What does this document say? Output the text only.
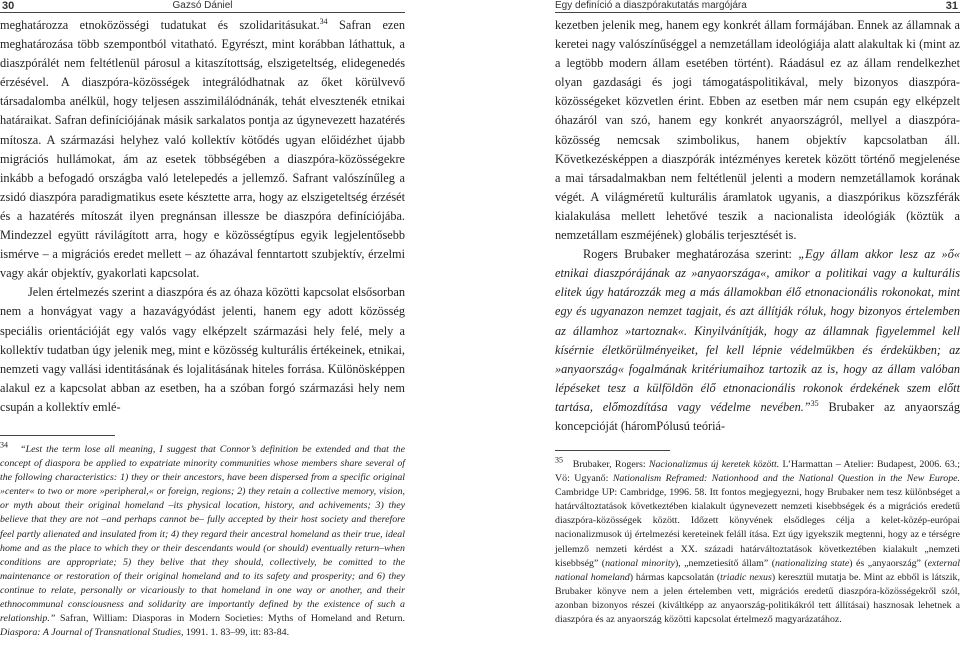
30	Gazsó Dániel	Egy definíció a diaszpórakutatás margójára	31

meghatározza etnoközösségi tudatukat és szolidaritásukat.$^{34}$ Safran ezen meghatározása több szempontból vitatható. Egyrészt, mint korábban láthattuk, a diaszpórálét nem feltétlenül párosul a kitaszítottság, elszigeteltség, elidegenedés érzésével. A diaszpóra-közösségek integrálódhatnak az őket körülvevő társadalomba anélkül, hogy teljesen asszimilálódnánák, tehát elvesztenék etnikai határaikat. Safran definíciójának másik sarkalatos pontja az úgynevezett hazatérés mítosza. A származási helyhez való kollektív kötődés ugyan előidézhet újabb migrációs hullámokat, ám az esetek többségében a diaszpóra-közösségekre inkább a befogadó országba való letelepedés a jellemző. Safrant valószínűleg a zsidó diaszpóra paradigmatikus esete késztette arra, hogy az elszigeteltség érzését és a hazatérés mítoszát ilyen pregnánsan illessze be diaszpóra definíciójába. Mindezzel együtt rávilágított arra, hogy e közösségtípus egyik legjelentősebb ismérve – a migrációs eredet mellett – az óhazával fenntartott szubjektív, érzelmi vagy akár objektív, gyakorlati kapcsolat.

Jelen értelmezés szerint a diaszpóra és az óhaza közötti kapcsolat elsősorban nem a honvágyat vagy a hazavágyódást jelenti, hanem egy adott közösség speciális orientációját egy valós vagy elképzelt származási hely felé, mely a kollektív tudatban úgy jelenik meg, mint e közösség kulturális értékeinek, etnikai, nemzeti vagy vallási identitásának és lojalitásának hiteles forrása. Különösképpen alakul ez a kapcsolat abban az esetben, ha a szóban forgó származási hely nem csupán a kollektív emlé-

$^{34}$ “Lest the term lose all meaning, I suggest that Connor’s definition be extended and that the concept of diaspora be applied to expatriate minority communities whose members share several of the following characteristics: 1) they or their ancestors, have been dispersed from a specific original »center« to two or more »peripheral,« or foreign, regions; 2) they retain a collective memory, vision, or myth about their original homeland –its physical location, history, and achivements; 3) they believe that they are not –and perhaps cannot be– fully accepted by their host society and therefore feel partly alienated and insulated from it; 4) they regard their ancestral homeland as their true, ideal home and as the place to which they or their descendants would (or should) eventually return–when conditions are appropriate; 5) they belive that they should, collectively, be comitted to the maintenance or restoration of their original homeland and to its safety and prosperity; and 6) they continue to relate, personally or vicariously to that homeland in one way or another, and their ethnocommunal consciousness and solidarity are importantly defined by the existence of such a relationship.” Safran, William: Diasporas in Modern Societies: Myths of Homeland and Return. Diaspora: A Journal of Transnational Studies, 1991. 1. 83–99, itt: 83-84.

kezetben jelenik meg, hanem egy konkrét állam formájában. Ennek az államnak a keretei nagy valószínűséggel a nemzetállam ideológiája alatt alakultak ki (mint az a legtöbb modern állam esetében történt). Ráadásul ez az állam rendelkezhet olyan gazdasági és jogi támogatáspolitikával, mely bizonyos diaszpóra-közösségeket közvetlen érint. Ebben az esetben már nem csupán egy elképzelt óhazáról van szó, hanem egy konkrét anyaországról, mellyel a diaszpóra-közösség nemcsak szimbolikus, hanem objektív kapcsolatban áll. Következésképpen a diaszpórák intézményes keretek között történő megjelenése a mai társadalmakban nem feltétlenül jelenti a modern nemzetállamok korának végét. A világméretű kulturális áramlatok ugyanis, a diaszpórikus közszférák kialakulása mellett lehetővé teszik a nacionalista ideológiák (köztük a nemzetállam eszméjének) globális terjesztését is.

Rogers Brubaker meghatározása szerint: „Egy állam akkor lesz az »ő« etnikai diaszpórájának az »anyaországa«, amikor a politikai vagy a kulturális elitek úgy határozzák meg a más államokban élő etnonacionális rokonokat, mint egy és ugyanazon nemzet tagjait, és azt állítják róluk, hogy bizonyos értelemben az államhoz »tartoznak«. Kinyilvánítják, hogy az államnak figyelemmel kell kísérnie életkörülményeiket, fel kell lépnie védelmükben és érdekükben; az »anyaország« fogalmának kritériumaihoz tartozik az is, hogy az állam valóban lépéseket tesz a külföldön élő etnonacionális rokonok érdekének szem előtt tartása, előmozdítása vagy védelme nevében.”$^{35}$ Brubaker az anyaország koncepcióját (háromPólusú teóriá-

$^{35}$ Brubaker, Rogers: Nacionalizmus új keretek között. L’Harmattan – Atelier: Budapest, 2006. 63.; Vö: Ugyanő: Nationalism Reframed: Nationhood and the National Question in the New Europe. Cambridge UP: Cambridge, 1996. 58. Itt fontos megjegyezni, hogy Brubaker nem tesz különbséget a határváltoztatások következtében kialakult úgynevezett nemzeti kisebbségek és a migrációs eredetű diaszpóra-közösségek között. Időzett könyvének elsődleges célja a kelet-közép-európai nacionalizmusok új értelmezési kereteinek feláll ítása. Ezt úgy igyekszik megtenni, hogy az e térségre jellemző nemzeti kérdést a XX. századi határváltoztatások következtében kialakult „nemzeti kisebbség” (national minority), „nemzetiesítő állam” (nationalizing state) és „anyaország” (external national homeland) hármas kapcsolatán (triadic nexus) keresztül mutatja be. Mint az ebből is látszik, Brubaker könyve nem a jelen értelemben vett, migrációs eredetű diaszpóra-közösségekről szól, azonban bizonyos részei (kiváltképp az anyaország-politikákról tett állításai) hasznosak lehetnek a diaszpóra és az anyaország közötti kapcsolat értelmező magyarázatához.
